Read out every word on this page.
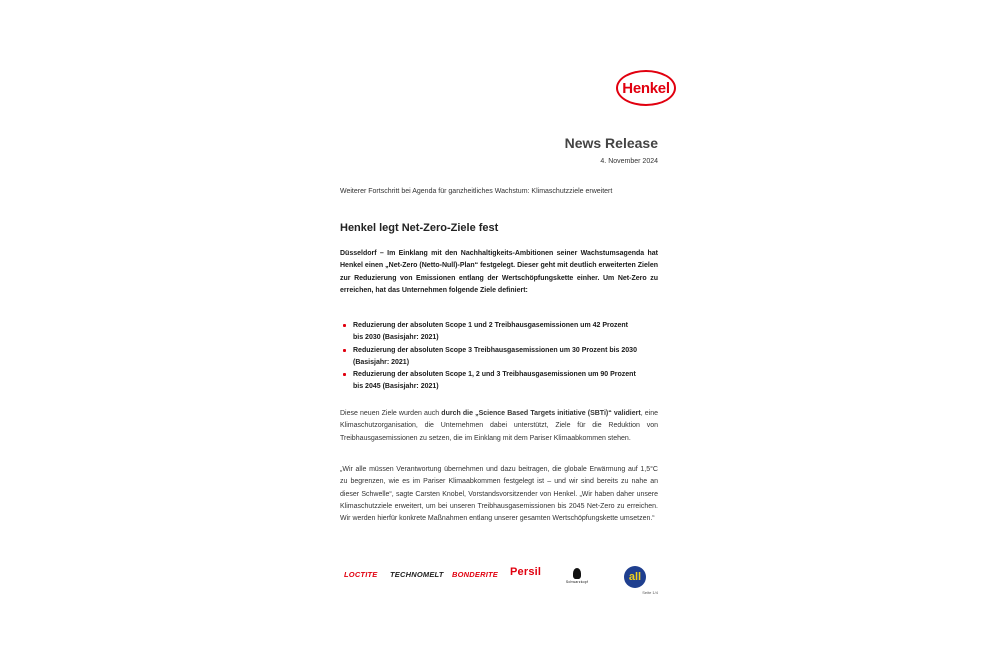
Henkel
News Release
4. November 2024
Weiterer Fortschritt bei Agenda für ganzheitliches Wachstum: Klimaschutzziele erweitert
Henkel legt Net-Zero-Ziele fest
Düsseldorf – Im Einklang mit den Nachhaltigkeits-Ambitionen seiner Wachstumsagenda hat Henkel einen „Net-Zero (Netto-Null)-Plan“ festgelegt. Dieser geht mit deutlich erweiterten Zielen zur Reduzierung von Emissionen entlang der Wertschöpfungskette einher. Um Net-Zero zu erreichen, hat das Unternehmen folgende Ziele definiert:
Reduzierung der absoluten Scope 1 und 2 Treibhausgasemissionen um 42 Prozent bis 2030 (Basisjahr: 2021)
Reduzierung der absoluten Scope 3 Treibhausgasemissionen um 30 Prozent bis 2030 (Basisjahr: 2021)
Reduzierung der absoluten Scope 1, 2 und 3 Treibhausgasemissionen um 90 Prozent bis 2045 (Basisjahr: 2021)
Diese neuen Ziele wurden auch durch die „Science Based Targets initiative (SBTi)“ validiert, eine Klimaschutzorganisation, die Unternehmen dabei unterstützt, Ziele für die Reduktion von Treibhausgasemissionen zu setzen, die im Einklang mit dem Pariser Klimaabkommen stehen.
„Wir alle müssen Verantwortung übernehmen und dazu beitragen, die globale Erwärmung auf 1,5°C zu begrenzen, wie es im Pariser Klimaabkommen festgelegt ist – und wir sind bereits zu nahe an dieser Schwelle“, sagte Carsten Knobel, Vorstandsvorsitzender von Henkel. „Wir haben daher unsere Klimaschutzziele erweitert, um bei unseren Treibhausgasemissionen bis 2045 Net-Zero zu erreichen. Wir werden hierfür konkrete Maßnahmen entlang unserer gesamten Wertschöpfungskette umsetzen.“
LOCTITE TECHNOMELT BONDERITE Persil
Schwarzkopf	all
Seite 1/4
